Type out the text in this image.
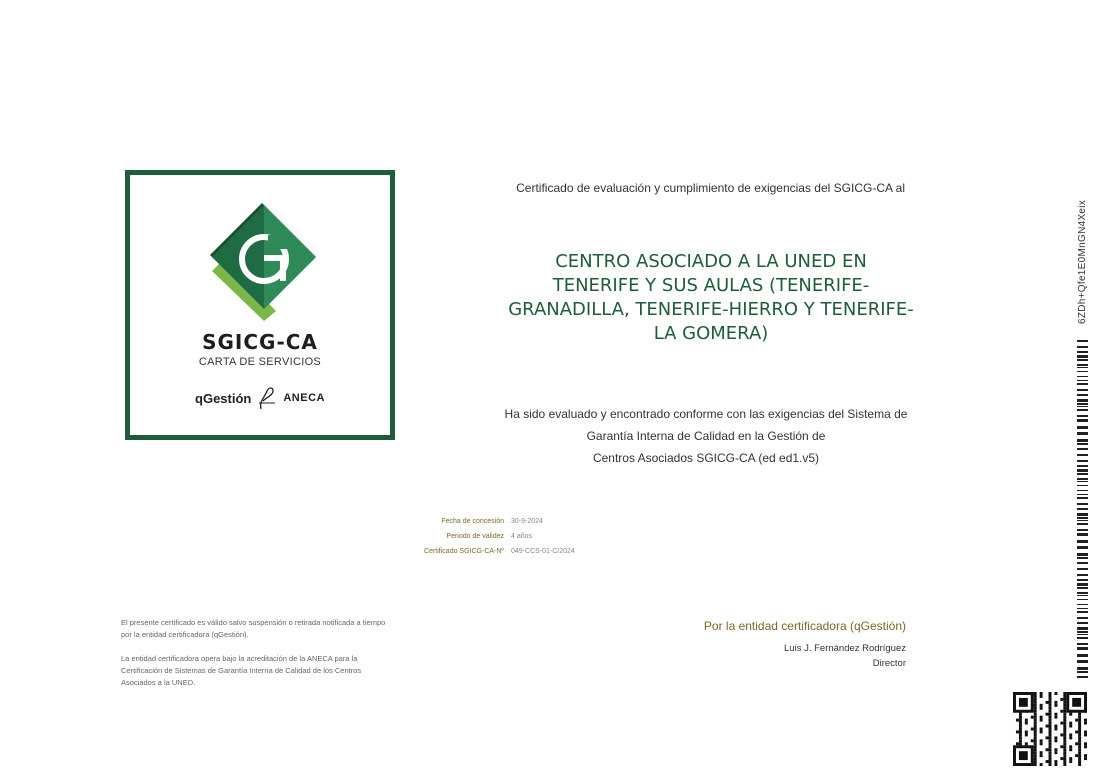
SGICG-CA
CARTA DE SERVICIOS
qGestión	ANECA
Certificado de evaluación y cumplimiento de exigencias del SGICG-CA al
CENTRO ASOCIADO A LA UNED EN
TENERIFE Y SUS AULAS (TENERIFE-
GRANADILLA, TENERIFE-HIERRO Y TENERIFE-
LA GOMERA)
Ha sido evaluado y encontrado conforme con las exigencias del Sistema de
Garantía Interna de Calidad en la Gestión de
Centros Asociados SGICG-CA (ed ed1.v5)
Fecha de concesión	30-9-2024
Periodo de validez	4 años
Certificado SGICG-CA-Nº	049-CCS-01-C/2024
El presente certificado es válido salvo suspensión o retirada notificada a tiempo por la entidad certificadora (qGestión).
La entidad certificadora opera bajo la acreditación de la ANECA para la Certificación de Sistemas de Garantía Interna de Calidad de los Centros Asociados a la UNED.
Por la entidad certificadora (qGestión)
Luis J. Fernández Rodríguez
Director
6ZDh+Qfe1E0MnGN4Xeix
